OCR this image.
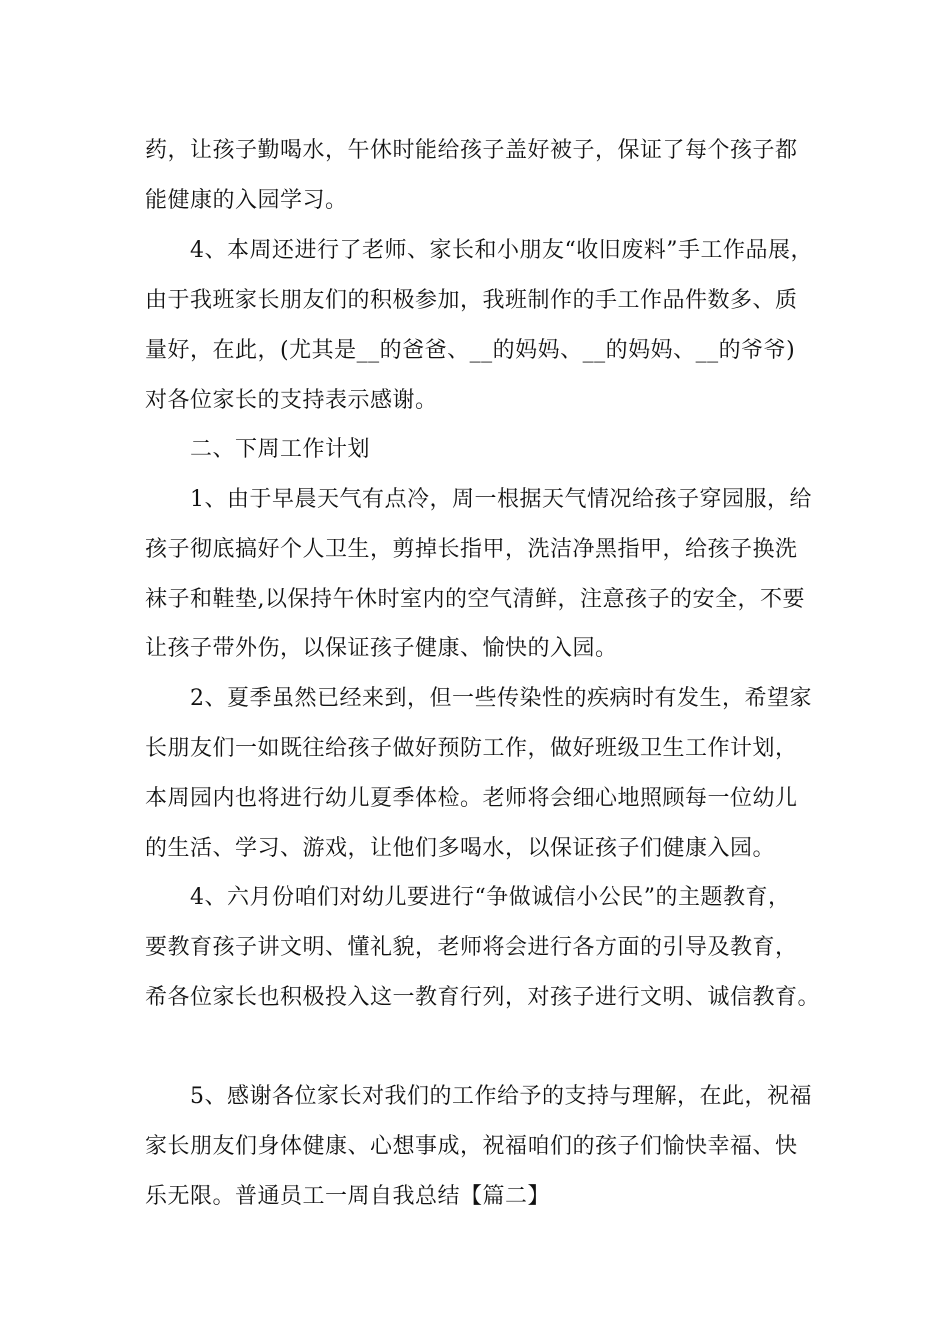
药，让孩子勤喝水，午休时能给孩子盖好被子，保证了每个孩子都
能健康的入园学习。
4、本周还进行了老师、家长和小朋友“收旧废料”手工作品展，
由于我班家长朋友们的积极参加，我班制作的手工作品件数多、质
量好，在此，(尤其是__的爸爸、__的妈妈、__的妈妈、__的爷爷)
对各位家长的支持表示感谢。
二、下周工作计划
1、由于早晨天气有点冷，周一根据天气情况给孩子穿园服，给
孩子彻底搞好个人卫生，剪掉长指甲，洗洁净黑指甲，给孩子换洗
袜子和鞋垫,以保持午休时室内的空气清鲜，注意孩子的安全，不要
让孩子带外伤，以保证孩子健康、愉快的入园。
2、夏季虽然已经来到，但一些传染性的疾病时有发生，希望家
长朋友们一如既往给孩子做好预防工作，做好班级卫生工作计划，
本周园内也将进行幼儿夏季体检。老师将会细心地照顾每一位幼儿
的生活、学习、游戏，让他们多喝水，以保证孩子们健康入园。
4、六月份咱们对幼儿要进行“争做诚信小公民”的主题教育，
要教育孩子讲文明、懂礼貌，老师将会进行各方面的引导及教育，
希各位家长也积极投入这一教育行列，对孩子进行文明、诚信教育。
5、感谢各位家长对我们的工作给予的支持与理解，在此，祝福
家长朋友们身体健康、心想事成，祝福咱们的孩子们愉快幸福、快
乐无限。普通员工一周自我总结【篇二】
